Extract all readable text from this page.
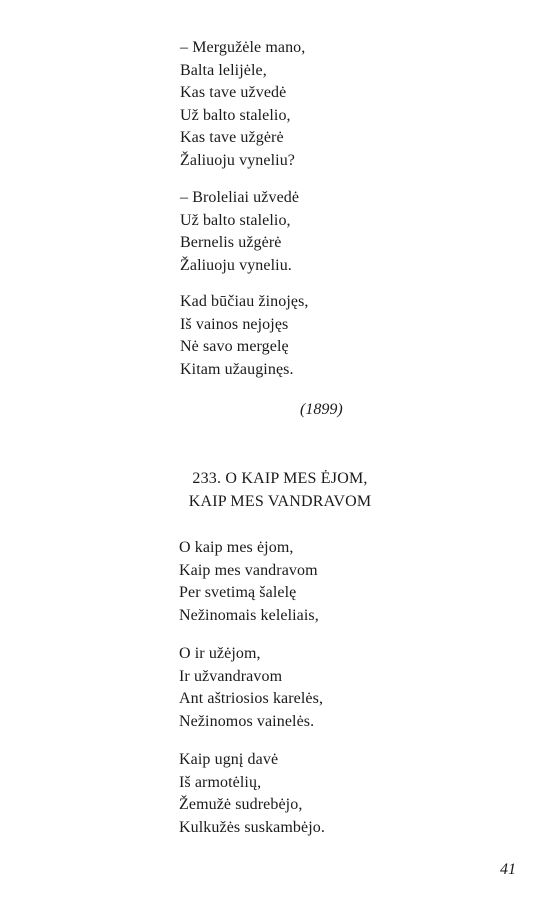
– Mergužėle mano,
Balta lelijėle,
Kas tave užvedė
Už balto stalelio,
Kas tave užgėrė
Žaliuoju vyneliu?
– Broleliai užvedė
Už balto stalelio,
Bernelis užgėrė
Žaliuoju vyneliu.
Kad būčiau žinojęs,
Iš vainos nejojęs
Nė savo mergelę
Kitam užauginęs.
(1899)
233. O KAIP MES ĖJOM,
KAIP MES VANDRAVOM
O kaip mes ėjom,
Kaip mes vandravom
Per svetimą šalelę
Nežinomais keleliais,
O ir užėjom,
Ir užvandravom
Ant aštriosios karelės,
Nežinomos vainelės.
Kaip ugnį davė
Iš armotėlių,
Žemužė sudrebėjo,
Kulkužės suskambėjo.
41
